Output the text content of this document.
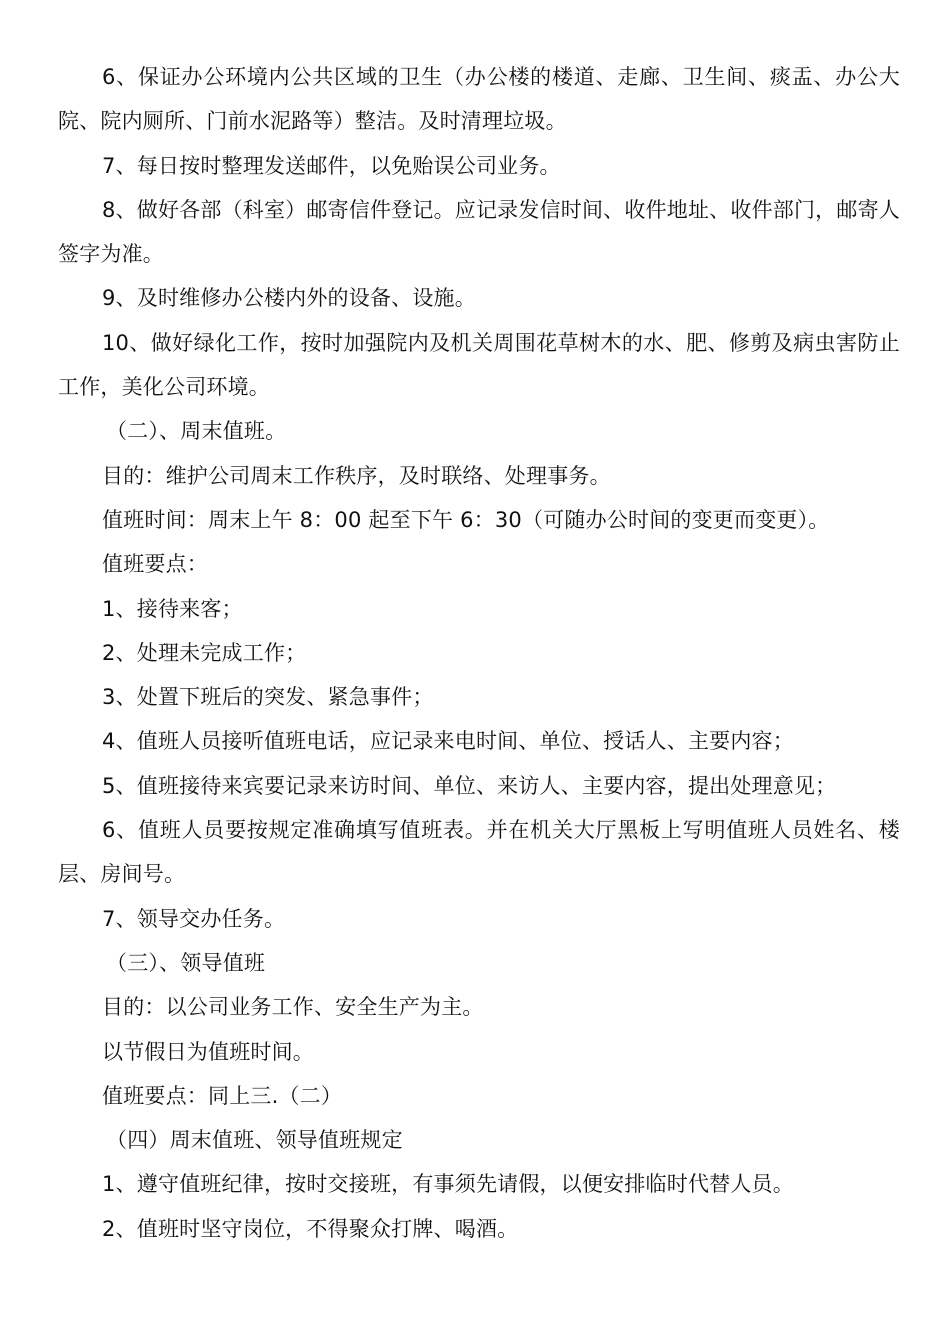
6、保证办公环境内公共区域的卫生（办公楼的楼道、走廊、卫生间、痰盂、办公大院、院内厕所、门前水泥路等）整洁。及时清理垃圾。

7、每日按时整理发送邮件，以免贻误公司业务。

8、做好各部（科室）邮寄信件登记。应记录发信时间、收件地址、收件部门，邮寄人签字为准。

9、及时维修办公楼内外的设备、设施。

10、做好绿化工作，按时加强院内及机关周围花草树木的水、肥、修剪及病虫害防止工作，美化公司环境。

（二）、周末值班。

目的：维护公司周末工作秩序，及时联络、处理事务。

值班时间：周末上午 8：00 起至下午 6：30（可随办公时间的变更而变更）。

值班要点：

1、接待来客；

2、处理未完成工作；

3、处置下班后的突发、紧急事件；

4、值班人员接听值班电话，应记录来电时间、单位、授话人、主要内容；

5、值班接待来宾要记录来访时间、单位、来访人、主要内容，提出处理意见；

6、值班人员要按规定准确填写值班表。并在机关大厅黑板上写明值班人员姓名、楼层、房间号。

7、领导交办任务。

（三）、领导值班

目的：以公司业务工作、安全生产为主。

以节假日为值班时间。

值班要点：同上三.（二）

（四）周末值班、领导值班规定

1、遵守值班纪律，按时交接班，有事须先请假，以便安排临时代替人员。

2、值班时坚守岗位，不得聚众打牌、喝酒。
